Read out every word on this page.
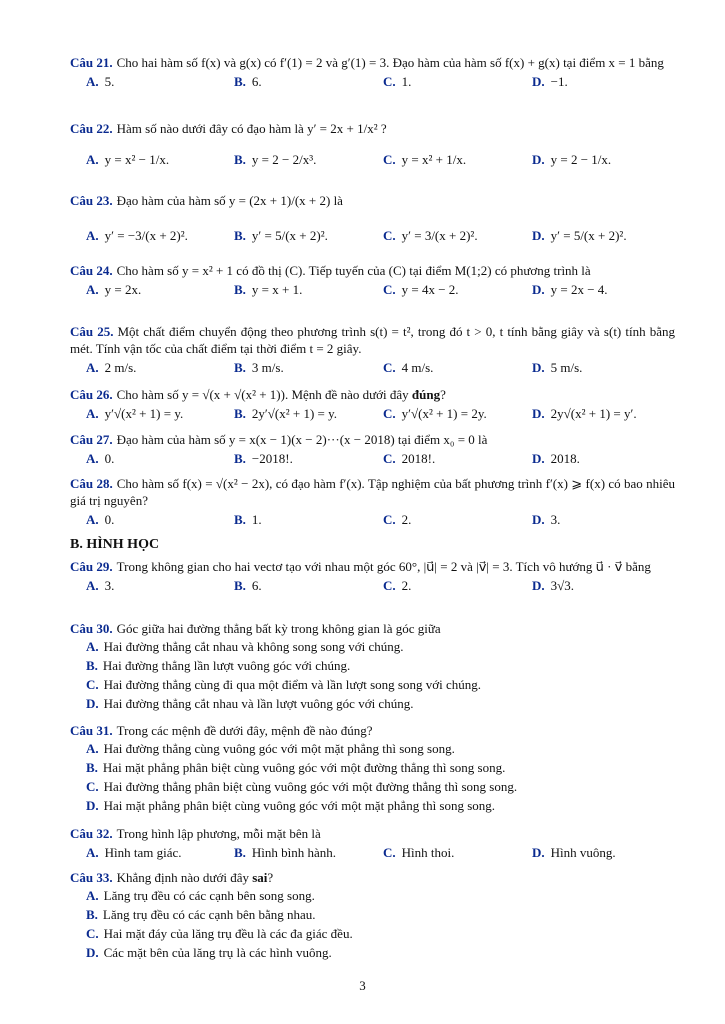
Câu 21. Cho hai hàm số f(x) và g(x) có f′(1) = 2 và g′(1) = 3. Đạo hàm của hàm số f(x) + g(x) tại điểm x = 1 bằng
A. 5.	B. 6.	C. 1.	D. −1.
Câu 22. Hàm số nào dưới đây có đạo hàm là y′ = 2x + 1/x² ?
A. y = x² − 1/x.	B. y = 2 − 2/x³.	C. y = x² + 1/x.	D. y = 2 − 1/x.
Câu 23. Đạo hàm của hàm số y = (2x + 1)/(x + 2) là
A. y′ = −3/(x + 2)².	B. y′ = 5/(x + 2)².	C. y′ = 3/(x + 2)².	D. y′ = 5/(x + 2)².
Câu 24. Cho hàm số y = x² + 1 có đồ thị (C). Tiếp tuyến của (C) tại điểm M(1;2) có phương trình là
A. y = 2x.	B. y = x + 1.	C. y = 4x − 2.	D. y = 2x − 4.
Câu 25. Một chất điểm chuyển động theo phương trình s(t) = t², trong đó t > 0, t tính bằng giây và s(t) tính bằng mét. Tính vận tốc của chất điểm tại thời điểm t = 2 giây.
A. 2 m/s.	B. 3 m/s.	C. 4 m/s.	D. 5 m/s.
Câu 26. Cho hàm số y = √(x + √(x² + 1)). Mệnh đề nào dưới đây đúng?
A. y′√(x² + 1) = y.	B. 2y′√(x² + 1) = y.	C. y′√(x² + 1) = 2y.	D. 2y√(x² + 1) = y′.
Câu 27. Đạo hàm của hàm số y = x(x − 1)(x − 2)···(x − 2018) tại điểm x₀ = 0 là
A. 0.	B. −2018!.	C. 2018!.	D. 2018.
Câu 28. Cho hàm số f(x) = √(x² − 2x), có đạo hàm f′(x). Tập nghiệm của bất phương trình f′(x) ⩾ f(x) có bao nhiêu giá trị nguyên?
A. 0.	B. 1.	C. 2.	D. 3.
B. HÌNH HỌC
Câu 29. Trong không gian cho hai vectơ tạo với nhau một góc 60°, |u⃗| = 2 và |v⃗| = 3. Tích vô hướng u⃗ · v⃗ bằng
A. 3.	B. 6.	C. 2.	D. 3√3.
Câu 30. Góc giữa hai đường thẳng bất kỳ trong không gian là góc giữa
A. Hai đường thẳng cắt nhau và không song song với chúng.
B. Hai đường thẳng lần lượt vuông góc với chúng.
C. Hai đường thẳng cùng đi qua một điểm và lần lượt song song với chúng.
D. Hai đường thẳng cắt nhau và lần lượt vuông góc với chúng.
Câu 31. Trong các mệnh đề dưới đây, mệnh đề nào đúng?
A. Hai đường thẳng cùng vuông góc với một mặt phẳng thì song song.
B. Hai mặt phẳng phân biệt cùng vuông góc với một đường thẳng thì song song.
C. Hai đường thẳng phân biệt cùng vuông góc với một đường thẳng thì song song.
D. Hai mặt phẳng phân biệt cùng vuông góc với một mặt phẳng thì song song.
Câu 32. Trong hình lập phương, mỗi mặt bên là
A. Hình tam giác.	B. Hình bình hành.	C. Hình thoi.	D. Hình vuông.
Câu 33. Khẳng định nào dưới đây sai?
A. Lăng trụ đều có các cạnh bên song song.
B. Lăng trụ đều có các cạnh bên bằng nhau.
C. Hai mặt đáy của lăng trụ đều là các đa giác đều.
D. Các mặt bên của lăng trụ là các hình vuông.
3
